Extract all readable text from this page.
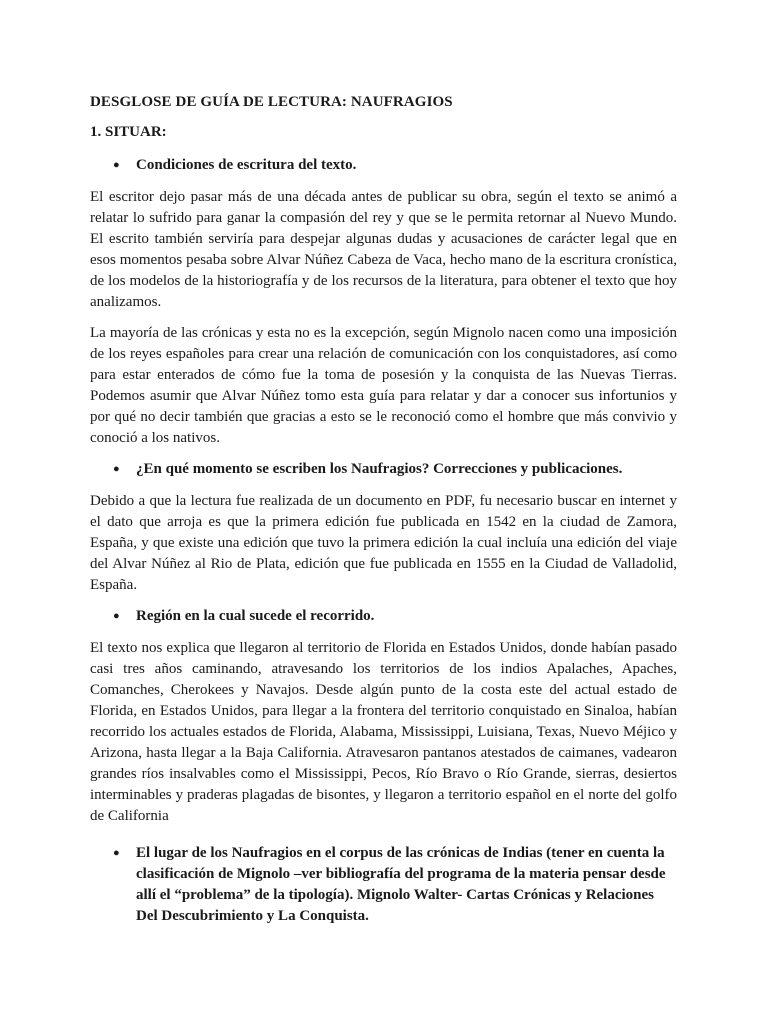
DESGLOSE DE GUÍA DE LECTURA: NAUFRAGIOS
1. SITUAR:
● Condiciones de escritura del texto.

El escritor dejo pasar más de una década antes de publicar su obra, según el texto se animó a relatar lo sufrido para ganar la compasión del rey y que se le permita retornar al Nuevo Mundo. El escrito también serviría para despejar algunas dudas y acusaciones de carácter legal que en esos momentos pesaba sobre Alvar Núñez Cabeza de Vaca, hecho mano de la escritura cronística, de los modelos de la historiografía y de los recursos de la literatura, para obtener el texto que hoy analizamos.

La mayoría de las crónicas y esta no es la excepción, según Mignolo nacen como una imposición de los reyes españoles para crear una relación de comunicación con los conquistadores, así como para estar enterados de cómo fue la toma de posesión y la conquista de las Nuevas Tierras. Podemos asumir que Alvar Núñez tomo esta guía para relatar y dar a conocer sus infortunios y por qué no decir también que gracias a esto se le reconoció como el hombre que más convivio y conoció a los nativos.

● ¿En qué momento se escriben los Naufragios? Correcciones y publicaciones.

Debido a que la lectura fue realizada de un documento en PDF, fu necesario buscar en internet y el dato que arroja es que la primera edición fue publicada en 1542 en la ciudad de Zamora, España, y que existe una edición que tuvo la primera edición la cual incluía una edición del viaje del Alvar Núñez al Rio de Plata, edición que fue publicada en 1555 en la Ciudad de Valladolid, España.

● Región en la cual sucede el recorrido.

El texto nos explica que llegaron al territorio de Florida en Estados Unidos, donde habían pasado casi tres años caminando, atravesando los territorios de los indios Apalaches, Apaches, Comanches, Cherokees y Navajos. Desde algún punto de la costa este del actual estado de Florida, en Estados Unidos, para llegar a la frontera del territorio conquistado en Sinaloa, habían recorrido los actuales estados de Florida, Alabama, Mississippi, Luisiana, Texas, Nuevo Méjico y Arizona, hasta llegar a la Baja California. Atravesaron pantanos atestados de caimanes, vadearon grandes ríos insalvables como el Mississippi, Pecos, Río Bravo o Río Grande, sierras, desiertos interminables y praderas plagadas de bisontes, y llegaron a territorio español en el norte del golfo de California

● El lugar de los Naufragios en el corpus de las crónicas de Indias (tener en cuenta la clasificación de Mignolo –ver bibliografía del programa de la materia pensar desde allí el “problema” de la tipología). Mignolo Walter- Cartas Crónicas y Relaciones Del Descubrimiento y La Conquista.
